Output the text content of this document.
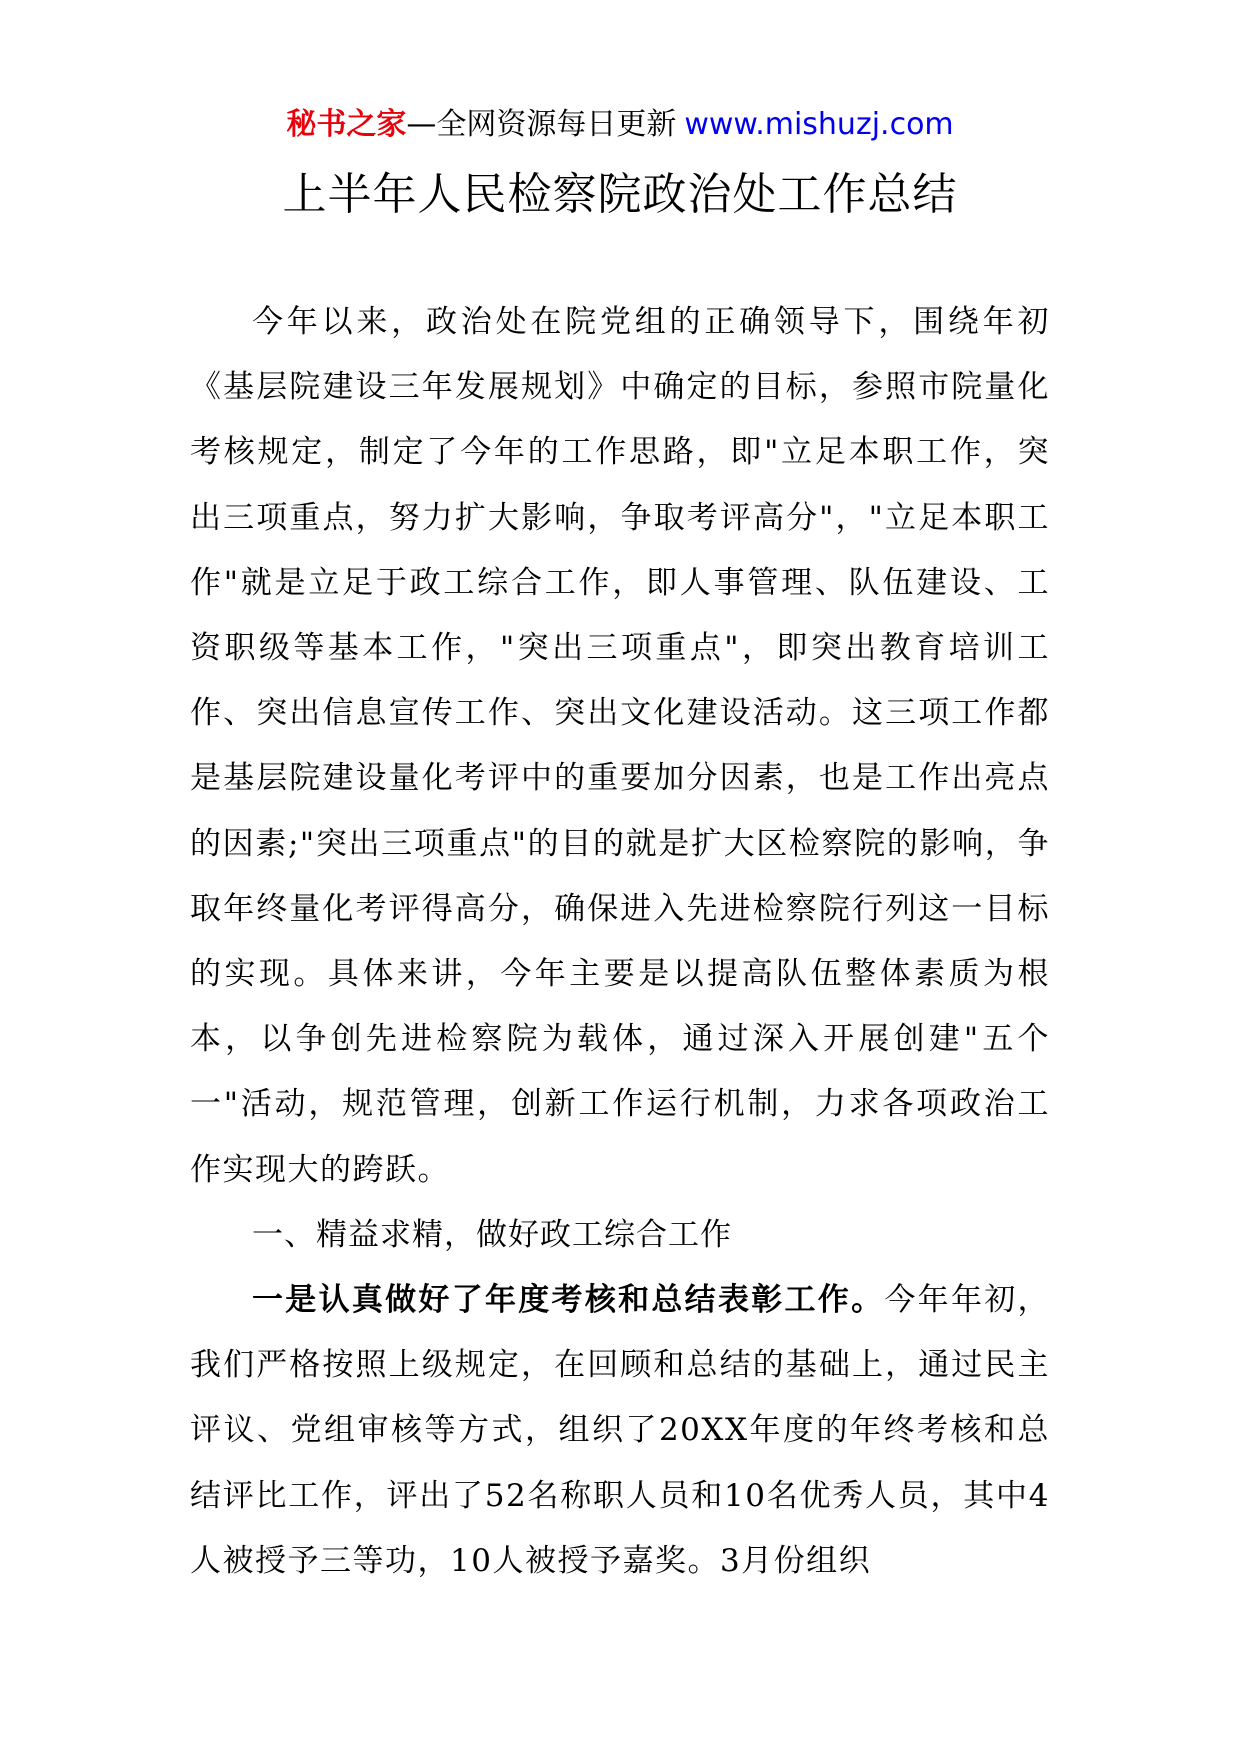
秘书之家—全网资源每日更新 www.mishuzj.com
上半年人民检察院政治处工作总结

今年以来，政治处在院党组的正确领导下，围绕年初《基层院建设三年发展规划》中确定的目标，参照市院量化考核规定，制定了今年的工作思路，即"立足本职工作，突出三项重点，努力扩大影响，争取考评高分"，"立足本职工作"就是立足于政工综合工作，即人事管理、队伍建设、工资职级等基本工作，"突出三项重点"，即突出教育培训工作、突出信息宣传工作、突出文化建设活动。这三项工作都是基层院建设量化考评中的重要加分因素，也是工作出亮点的因素;"突出三项重点"的目的就是扩大区检察院的影响，争取年终量化考评得高分，确保进入先进检察院行列这一目标的实现。具体来讲，今年主要是以提高队伍整体素质为根本，以争创先进检察院为载体，通过深入开展创建"五个一"活动，规范管理，创新工作运行机制，力求各项政治工作实现大的跨跃。

一、精益求精，做好政工综合工作

一是认真做好了年度考核和总结表彰工作。今年年初，我们严格按照上级规定，在回顾和总结的基础上，通过民主评议、党组审核等方式，组织了20XX年度的年终考核和总结评比工作，评出了52名称职人员和10名优秀人员，其中4人被授予三等功，10人被授予嘉奖。3月份组织
